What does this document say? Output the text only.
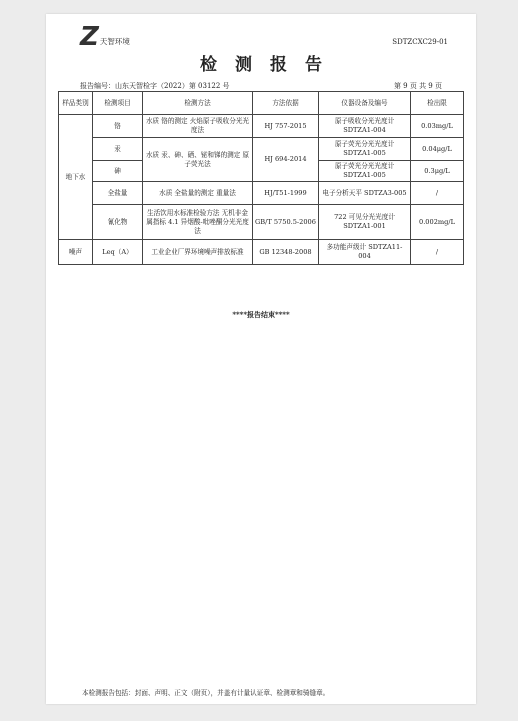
Z 天智环境	SDTZCXC29-01
检测报告
报告编号：山东天智检字（2022）第 03122 号	第 9 页 共 9 页
样品类别	检测项目	检测方法	方法依据	仪器设备及编号	检出限
地下水	铬	水质 铬的测定 火焰原子吸收分光光度法	HJ 757-2015	原子吸收分光光度计 SDTZA1-004	0.03mg/L
	汞	水质 汞、砷、硒、铋和锑的测定 原子荧光法	HJ 694-2014	原子荧光分光光度计 SDTZA1-005	0.04μg/L
	砷			原子荧光分光光度计 SDTZA1-005	0.3μg/L
	全盐量	水质 全盐量的测定 重量法	HJ/T51-1999	电子分析天平 SDTZA3-005	/
	氰化物	生活饮用水标准检验方法 无机非金属指标 4.1 异烟酸-吡唑酮分光光度法	GB/T 5750.5-2006	722 可见分光光度计 SDTZA1-001	0.002mg/L
噪声	Leq（A）	工业企业厂界环境噪声排放标准	GB 12348-2008	多功能声级计 SDTZA11-004	/
****报告结束****
本检测报告包括：封面、声明、正文（附页），并盖有计量认证章、检测章和骑缝章。
